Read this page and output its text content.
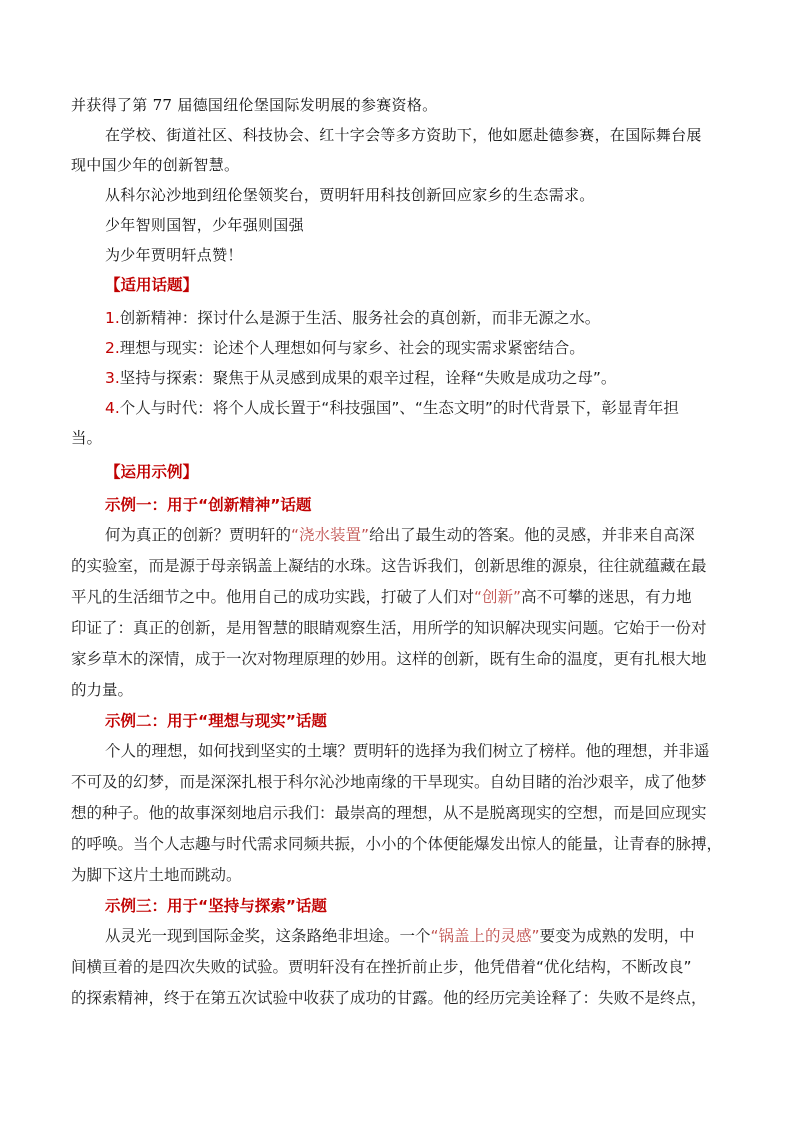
并获得了第 77 届德国纽伦堡国际发明展的参赛资格。

在学校、街道社区、科技协会、红十字会等多方资助下，他如愿赴德参赛，在国际舞台展

现中国少年的创新智慧。

从科尔沁沙地到纽伦堡领奖台，贾明轩用科技创新回应家乡的生态需求。

少年智则国智，少年强则国强

为少年贾明轩点赞！

【适用话题】

1.创新精神：探讨什么是源于生活、服务社会的真创新，而非无源之水。

2.理想与现实：论述个人理想如何与家乡、社会的现实需求紧密结合。

3.坚持与探索：聚焦于从灵感到成果的艰辛过程，诠释“失败是成功之母”。

4.个人与时代：将个人成长置于“科技强国”、“生态文明”的时代背景下，彰显青年担

当。

【运用示例】
示例一：用于“创新精神”话题

何为真正的创新？贾明轩的“浇水装置”给出了最生动的答案。他的灵感，并非来自高深

的实验室，而是源于母亲锅盖上凝结的水珠。这告诉我们，创新思维的源泉，往往就蕴藏在最

平凡的生活细节之中。他用自己的成功实践，打破了人们对“创新”高不可攀的迷思，有力地

印证了：真正的创新，是用智慧的眼睛观察生活，用所学的知识解决现实问题。它始于一份对

家乡草木的深情，成于一次对物理原理的妙用。这样的创新，既有生命的温度，更有扎根大地

的力量。

示例二：用于“理想与现实”话题

个人的理想，如何找到坚实的土壤？贾明轩的选择为我们树立了榜样。他的理想，并非遥

不可及的幻梦，而是深深扎根于科尔沁沙地南缘的干旱现实。自幼目睹的治沙艰辛，成了他梦

想的种子。他的故事深刻地启示我们：最崇高的理想，从不是脱离现实的空想，而是回应现实

的呼唤。当个人志趣与时代需求同频共振，小小的个体便能爆发出惊人的能量，让青春的脉搏，

为脚下这片土地而跳动。

示例三：用于“坚持与探索”话题

从灵光一现到国际金奖，这条路绝非坦途。一个“锅盖上的灵感”要变为成熟的发明，中

间横亘着的是四次失败的试验。贾明轩没有在挫折前止步，他凭借着“优化结构，不断改良”

的探索精神，终于在第五次试验中收获了成功的甘露。他的经历完美诠释了：失败不是终点，
